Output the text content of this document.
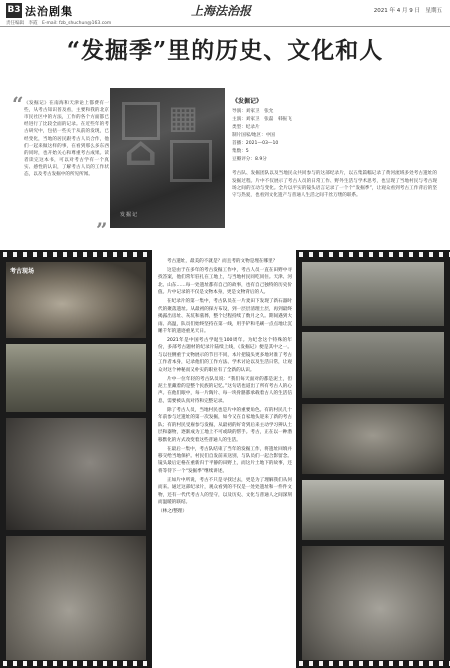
B3 法治剧集	上海法治报	2021 年 4 月 9 日　星期五
责任编辑　李霞　E-mail: fzb_shuchun@163.com
“发掘季”里的历史、文化和人
“ 《发掘记》在南海和天津论上都费有一些，从考古知识普及看，主要和我的北京市民社区中的方法，工作的各个方面都已经进行了比较全面的记录。在近些年的考古研究中，包括一些关于从前的发现，已经变化，当地的居民跟考古人员合作，他们一起来做这样的事，在看到那么多东西的同时，也开始关心和尊重考古成果。读者读完这本书，可以对考古学有一个真实、感性的认识，了解考古人员的工作状态，以及考古发掘中的所见所闻。
”
⌂
▦
发掘记
《发掘记》
导演：刘家卫　张允
主演：刘家卫　张磊　韩振飞
类型：纪录片
制片国家/地区：中国
首播：2021—03—10
集数：5
豆瓣评分：8.9分

考古队、发掘团队以及当地民众共同参与的这部纪录片，以五集篇幅记录了黄河流域多处考古遗址的发掘过程。片中不仅展示了考古人员的日常工作、野外生活与学术思考，也呈现了当地村民与考古现场之间的互动与变化。全片以平实的镜头语言记录了一个个“发掘季”，让观众看到考古工作背后的坚守与热爱，也看到文化遗产与普通人生活之间千丝万缕的联系。

考古现场

考古遗址，最美的不就是？而且考的文物是埋在哪里？

这是由于在多年的考古发掘工作中，考古人员一直在田野中寻找答案，他们常年驻扎在工地上，与当地村民同吃同住。天津、河北、山东……每一处遗址都有自己的故事，也有自己独特的历史价值。片中记录的不仅是文物本身，更是文物背后的人。

在纪录片的第一集中，考古队员在一片麦田下发现了新石器时代的聚落遗址。从最初的探方布设，到一层层清理土层，再到最终揭露出房址、灰坑和墓葬，整个过程持续了数月之久。期间遇到大雨、高温，队员们始终坚持在第一线，用手铲和毛刷一点点地让沉睡千年的遗迹重见天日。

2021年是中国考古学诞生100周年。为纪念这个特殊的年份，多部考古题材的纪录片陆续上线，《发掘记》便是其中之一。与以往侧重于文物展示的节目不同，本片把镜头更多地对准了考古工作者本身，记录他们的工作方法、学术讨论以及生活日常，让观众对这个神秘而又朴实的职业有了全新的认识。

片中一位年轻的考古队员说：“我们每天面对的都是泥土，但泥土里藏着的是整个民族的记忆。”这句话也道出了所有考古人的心声。在他们眼中，每一片陶片、每一块骨骼都承载着古人的生活信息，需要被认真对待和完整记录。

除了考古人员，当地村民也是片中的重要角色。有的村民几十年前参与过遗址的第一次发掘，如今又在自家地头迎来了新的考古队；有的村民受雇参与发掘，从最初的好奇到后来主动学习辨认土层和器物，逐渐成为工地上不可或缺的帮手。考古，正在以一种潜移默化的方式改变着这些普通人的生活。

在最后一集中，考古队结束了当年的发掘工作，将遗址回填并移交给当地保护。村民们自发前来送别，与队员们一起合影留念。镜头最后定格在重新归于平静的田野上，而这片土地下的故事，还将等待下一个“发掘季”继续讲述。

正如片中所说，考古不只是寻找过去，更是为了理解我们从何而来。通过这部纪录片，观众看到的不仅是一处处遗址和一件件文物，还有一代代考古人的坚守，以及历史、文化与普通人之间深刻而温暖的联结。

（林之/整理）
